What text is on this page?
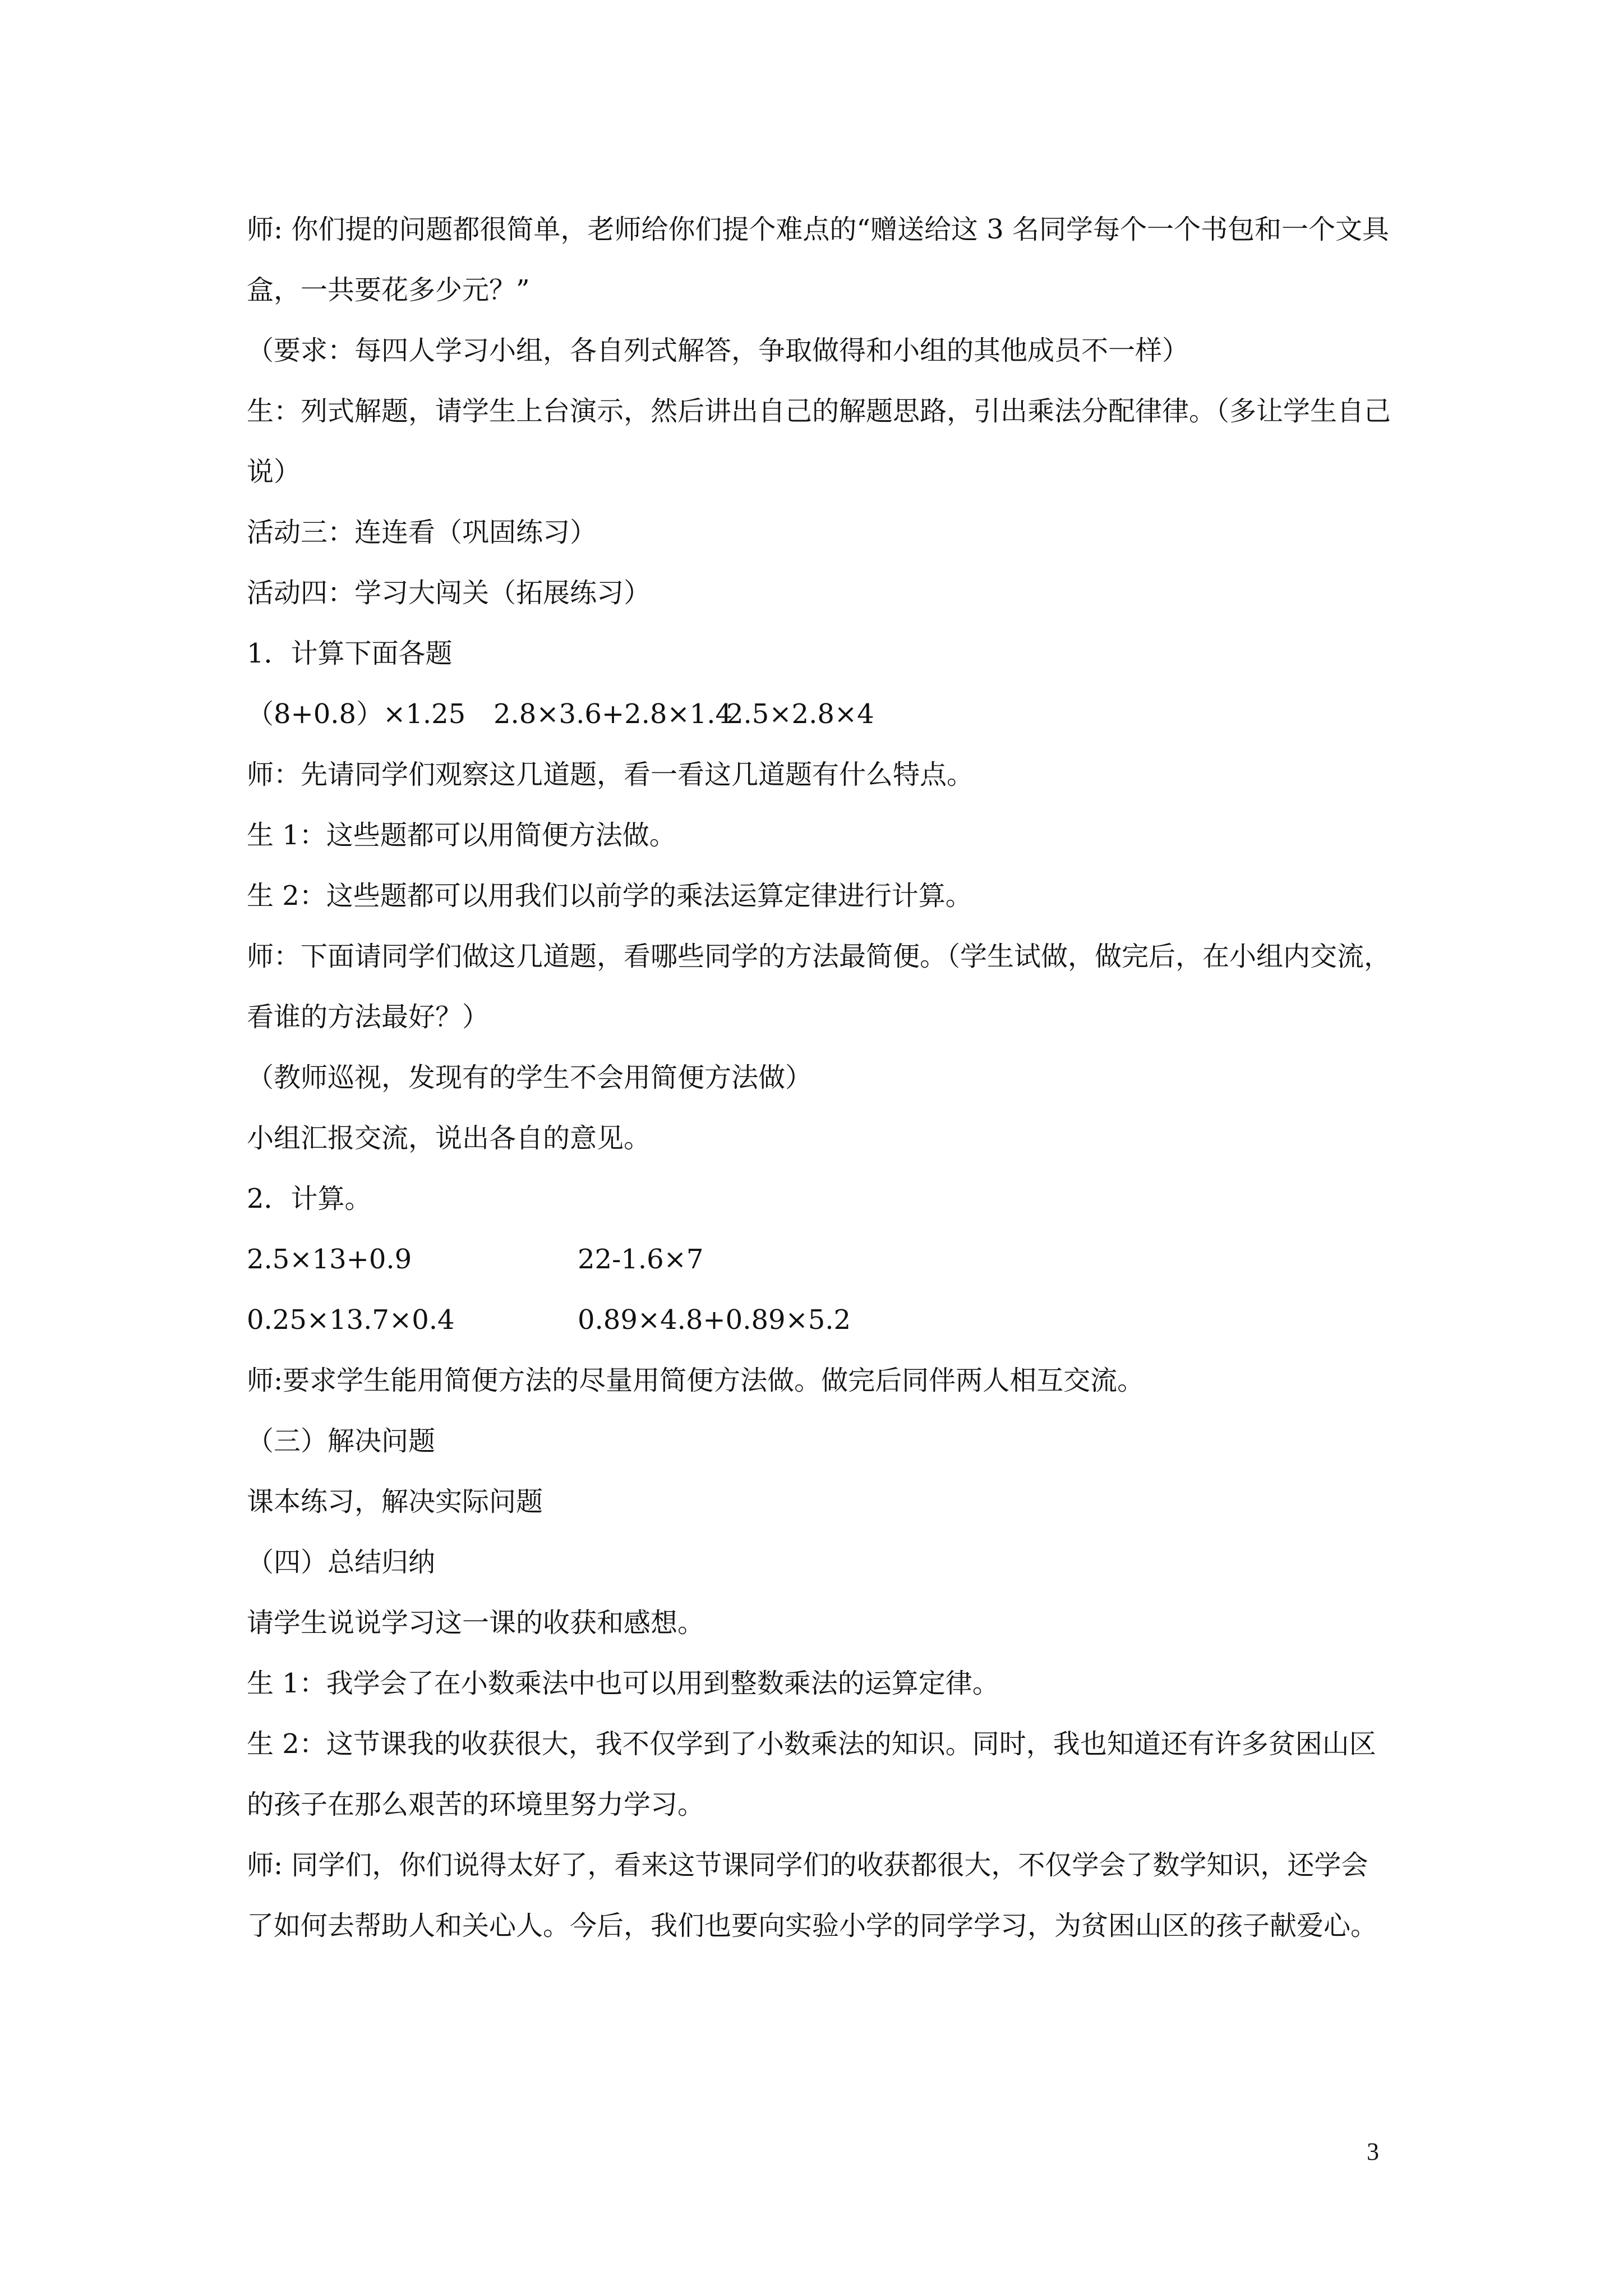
师: 你们提的问题都很简单，老师给你们提个难点的“赠送给这 3 名同学每个一个书包和一个文具盒，一共要花多少元？”
（要求：每四人学习小组，各自列式解答，争取做得和小组的其他成员不一样）
生：列式解题，请学生上台演示，然后讲出自己的解题思路，引出乘法分配律律。（多让学生自己说）
活动三：连连看（巩固练习）
活动四：学习大闯关（拓展练习）
1．计算下面各题
（8+0.8）×1.25	2.8×3.6+2.8×1.4
2.5×2.8×4
师：先请同学们观察这几道题，看一看这几道题有什么特点。
生 1：这些题都可以用简便方法做。
生 2：这些题都可以用我们以前学的乘法运算定律进行计算。
师：下面请同学们做这几道题，看哪些同学的方法最简便。（学生试做，做完后，在小组内交流，看谁的方法最好？）
（教师巡视，发现有的学生不会用简便方法做）
小组汇报交流，说出各自的意见。
2．计算。
2.5×13+0.9	22-1.6×7
0.25×13.7×0.4	0.89×4.8+0.89×5.2
师:要求学生能用简便方法的尽量用简便方法做。做完后同伴两人相互交流。
（三）解决问题
课本练习，解决实际问题
（四）总结归纳
请学生说说学习这一课的收获和感想。
生 1：我学会了在小数乘法中也可以用到整数乘法的运算定律。
生 2：这节课我的收获很大，我不仅学到了小数乘法的知识。同时，我也知道还有许多贫困山区的孩子在那么艰苦的环境里努力学习。
师: 同学们，你们说得太好了，看来这节课同学们的收获都很大，不仅学会了数学知识，还学会了如何去帮助人和关心人。今后，我们也要向实验小学的同学学习，为贫困山区的孩子献爱心。
3
